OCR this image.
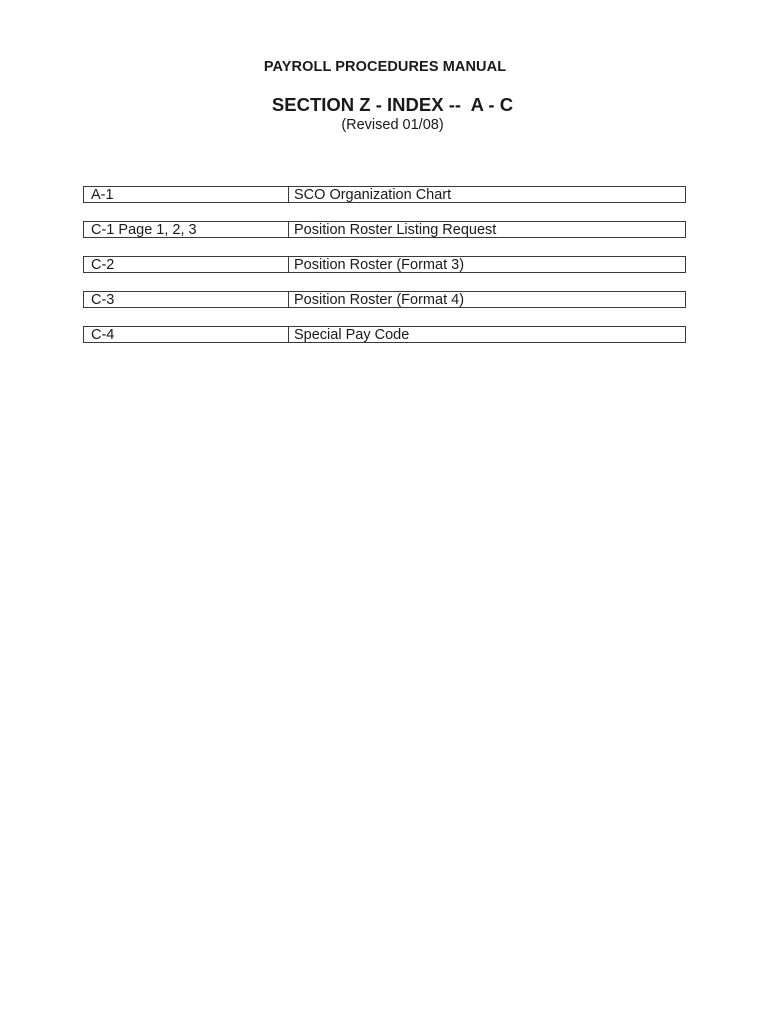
PAYROLL PROCEDURES MANUAL
SECTION Z - INDEX --  A - C
(Revised 01/08)
A-1	SCO Organization Chart
C-1 Page 1, 2, 3	Position Roster Listing Request
C-2	Position Roster (Format 3)
C-3	Position Roster (Format 4)
C-4	Special Pay Code
